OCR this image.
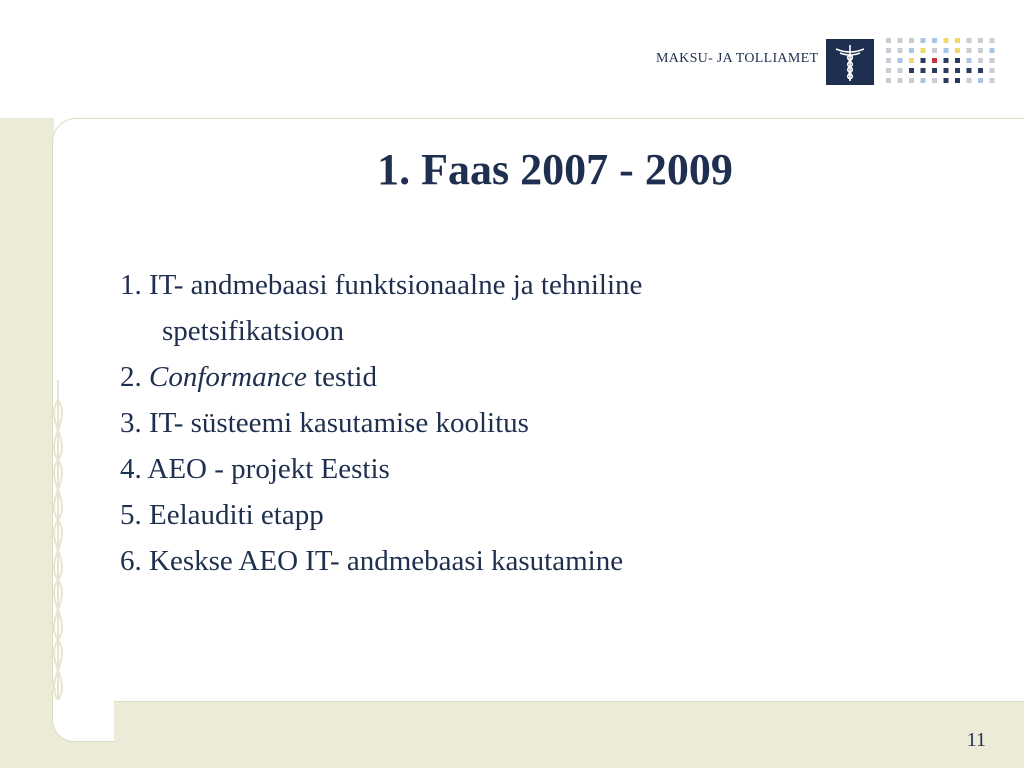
MAKSU- JA TOLLIAMET
1. Faas 2007 - 2009
1. IT- andmebaasi funktsionaalne ja tehniline
spetsifikatsioon
2. Conformance testid
3. IT- süsteemi kasutamise koolitus
4. AEO - projekt Eestis
5. Eelauditi etapp
6. Keskse AEO IT- andmebaasi kasutamine
11
